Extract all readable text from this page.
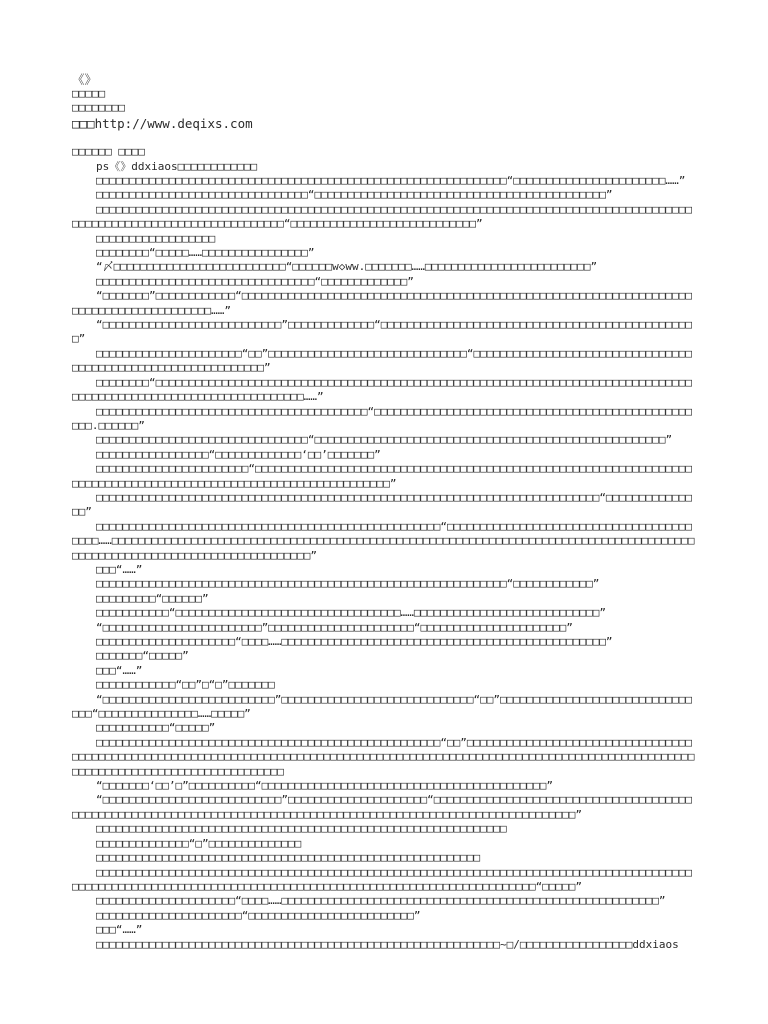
《》
□□□□□
□□□□□□□□
□□□http://www.deqixs.com
□□□□□□ □□□□
ps《》ddxiaos□□□□□□□□□□□□
□□□□□□□□□□□□□□□□□□□□□□□□□□□□□□□□□□□□□□□□□□□□□□□□□□□□□□□□□□□□□□“□□□□□□□□□□□□□□□□□□□□□□□……”
□□□□□□□□□□□□□□□□□□□□□□□□□□□□□□□□“□□□□□□□□□□□□□□□□□□□□□□□□□□□□□□□□□□□□□□□□□□□□”
□□□□□□□□□□□□□□□□□□□□□□□□□□□□□□□□□□□□□□□□□□□□□□□□□□□□□□□□□□□□□□□□□□□□□□□□□□□□□□□□□□□□□□□□□□□□□□□□□□□□□□□□□□□□□□□□□□□□□□□□□□“□□□□□□□□□□□□□□□□□□□□□□□□□□□□”
□□□□□□□□□□□□□□□□□□
□□□□□□□□“□□□□□……□□□□□□□□□□□□□□□□”
“〆□□□□□□□□□□□□□□□□□□□□□□□□□□“□□□□□□w◇ww.□□□□□□□……□□□□□□□□□□□□□□□□□□□□□□□□□”
□□□□□□□□□□□□□□□□□□□□□□□□□□□□□□□□□“□□□□□□□□□□□□□”
“□□□□□□□”□□□□□□□□□□□□“□□□□□□□□□□□□□□□□□□□□□□□□□□□□□□□□□□□□□□□□□□□□□□□□□□□□□□□□□□□□□□□□□□□□□□□□□□□□□□□□□□□□□□□□□……”
“□□□□□□□□□□□□□□□□□□□□□□□□□□□”□□□□□□□□□□□□□“□□□□□□□□□□□□□□□□□□□□□□□□□□□□□□□□□□□□□□□□□□□□□□□□”
□□□□□□□□□□□□□□□□□□□□□□“□□”□□□□□□□□□□□□□□□□□□□□□□□□□□□□□□“□□□□□□□□□□□□□□□□□□□□□□□□□□□□□□□□□□□□□□□□□□□□□□□□□□□□□□□□□□□□□□”
□□□□□□□□“□□□□□□□□□□□□□□□□□□□□□□□□□□□□□□□□□□□□□□□□□□□□□□□□□□□□□□□□□□□□□□□□□□□□□□□□□□□□□□□□□□□□□□□□□□□□□□□□□□□□□□□□□□□□□□□□□□□□……”
□□□□□□□□□□□□□□□□□□□□□□□□□□□□□□□□□□□□□□□□□“□□□□□□□□□□□□□□□□□□□□□□□□□□□□□□□□□□□□□□□□□□□□□□□□□□□.□□□□□□”
□□□□□□□□□□□□□□□□□□□□□□□□□□□□□□□□“□□□□□□□□□□□□□□□□□□□□□□□□□□□□□□□□□□□□□□□□□□□□□□□□□□□□□”
□□□□□□□□□□□□□□□□□“□□□□□□□□□□□□□‘□□’□□□□□□□”
□□□□□□□□□□□□□□□□□□□□□□□“□□□□□□□□□□□□□□□□□□□□□□□□□□□□□□□□□□□□□□□□□□□□□□□□□□□□□□□□□□□□□□□□□□□□□□□□□□□□□□□□□□□□□□□□□□□□□□□□□□□□□□□□□□□□□□□□□□”
□□□□□□□□□□□□□□□□□□□□□□□□□□□□□□□□□□□□□□□□□□□□□□□□□□□□□□□□□□□□□□□□□□□□□□□□□□□□“□□□□□□□□□□□□□□□”
□□□□□□□□□□□□□□□□□□□□□□□□□□□□□□□□□□□□□□□□□□□□□□□□□□□□“□□□□□□□□□□□□□□□□□□□□□□□□□□□□□□□□□□□□□□□□□……□□□□□□□□□□□□□□□□□□□□□□□□□□□□□□□□□□□□□□□□□□□□□□□□□□□□□□□□□□□□□□□□□□□□□□□□□□□□□□□□□□□□□□□□□□□□□□□□□□□□□□□□□□□□□□□□□□□□□□□□□□□□”
□□□“……”
□□□□□□□□□□□□□□□□□□□□□□□□□□□□□□□□□□□□□□□□□□□□□□□□□□□□□□□□□□□□□□“□□□□□□□□□□□□”
□□□□□□□□□“□□□□□□”
□□□□□□□□□□□“□□□□□□□□□□□□□□□□□□□□□□□□□□□□□□□□□□……□□□□□□□□□□□□□□□□□□□□□□□□□□□□”
“□□□□□□□□□□□□□□□□□□□□□□□□”□□□□□□□□□□□□□□□□□□□□□□“□□□□□□□□□□□□□□□□□□□□□□”
□□□□□□□□□□□□□□□□□□□□□“□□□□……□□□□□□□□□□□□□□□□□□□□□□□□□□□□□□□□□□□□□□□□□□□□□□□□□”
□□□□□□□“□□□□□”
□□□“……”
□□□□□□□□□□□□“□□”□“□”□□□□□□□
“□□□□□□□□□□□□□□□□□□□□□□□□□□”□□□□□□□□□□□□□□□□□□□□□□□□□□□□□“□□”□□□□□□□□□□□□□□□□□□□□□□□□□□□□□□□□“□□□□□□□□□□□□□□□……□□□□□”
□□□□□□□□□□□“□□□□□”
□□□□□□□□□□□□□□□□□□□□□□□□□□□□□□□□□□□□□□□□□□□□□□□□□□□□“□□”□□□□□□□□□□□□□□□□□□□□□□□□□□□□□□□□□□□□□□□□□□□□□□□□□□□□□□□□□□□□□□□□□□□□□□□□□□□□□□□□□□□□□□□□□□□□□□□□□□□□□□□□□□□□□□□□□□□□□□□□□□□□□□□□□□□□□□□□□□□□□□□□□□□□□□□□□□□□□□□□
“□□□□□□□‘□□’□”□□□□□□□□□□“□□□□□□□□□□□□□□□□□□□□□□□□□□□□□□□□□□□□□□□□□□□”
“□□□□□□□□□□□□□□□□□□□□□□□□□□□”□□□□□□□□□□□□□□□□□□□□□“□□□□□□□□□□□□□□□□□□□□□□□□□□□□□□□□□□□□□□□□□□□□□□□□□□□□□□□□□□□□□□□□□□□□□□□□□□□□□□□□□□□□□□□□□□□□□□□□□□□□□□□□□□□□□□□□□□□”
□□□□□□□□□□□□□□□□□□□□□□□□□□□□□□□□□□□□□□□□□□□□□□□□□□□□□□□□□□□□□□
□□□□□□□□□□□□□□“□”□□□□□□□□□□□□□□
□□□□□□□□□□□□□□□□□□□□□□□□□□□□□□□□□□□□□□□□□□□□□□□□□□□□□□□□□□
□□□□□□□□□□□□□□□□□□□□□□□□□□□□□□□□□□□□□□□□□□□□□□□□□□□□□□□□□□□□□□□□□□□□□□□□□□□□□□□□□□□□□□□□□□□□□□□□□□□□□□□□□□□□□□□□□□□□□□□□□□□□□□□□□□□□□□□□□□□□□□□□□□□□□□□□□□□□□□□□“□□□□□”
□□□□□□□□□□□□□□□□□□□□□“□□□□……□□□□□□□□□□□□□□□□□□□□□□□□□□□□□□□□□□□□□□□□□□□□□□□□□□□□□□□□□”
□□□□□□□□□□□□□□□□□□□□□□“□□□□□□□□□□□□□□□□□□□□□□□□□”
□□□“……”
□□□□□□□□□□□□□□□□□□□□□□□□□□□□□□□□□□□□□□□□□□□□□□□□□□□□□□□□□□□□□~□/□□□□□□□□□□□□□□□□□ddxiaos
